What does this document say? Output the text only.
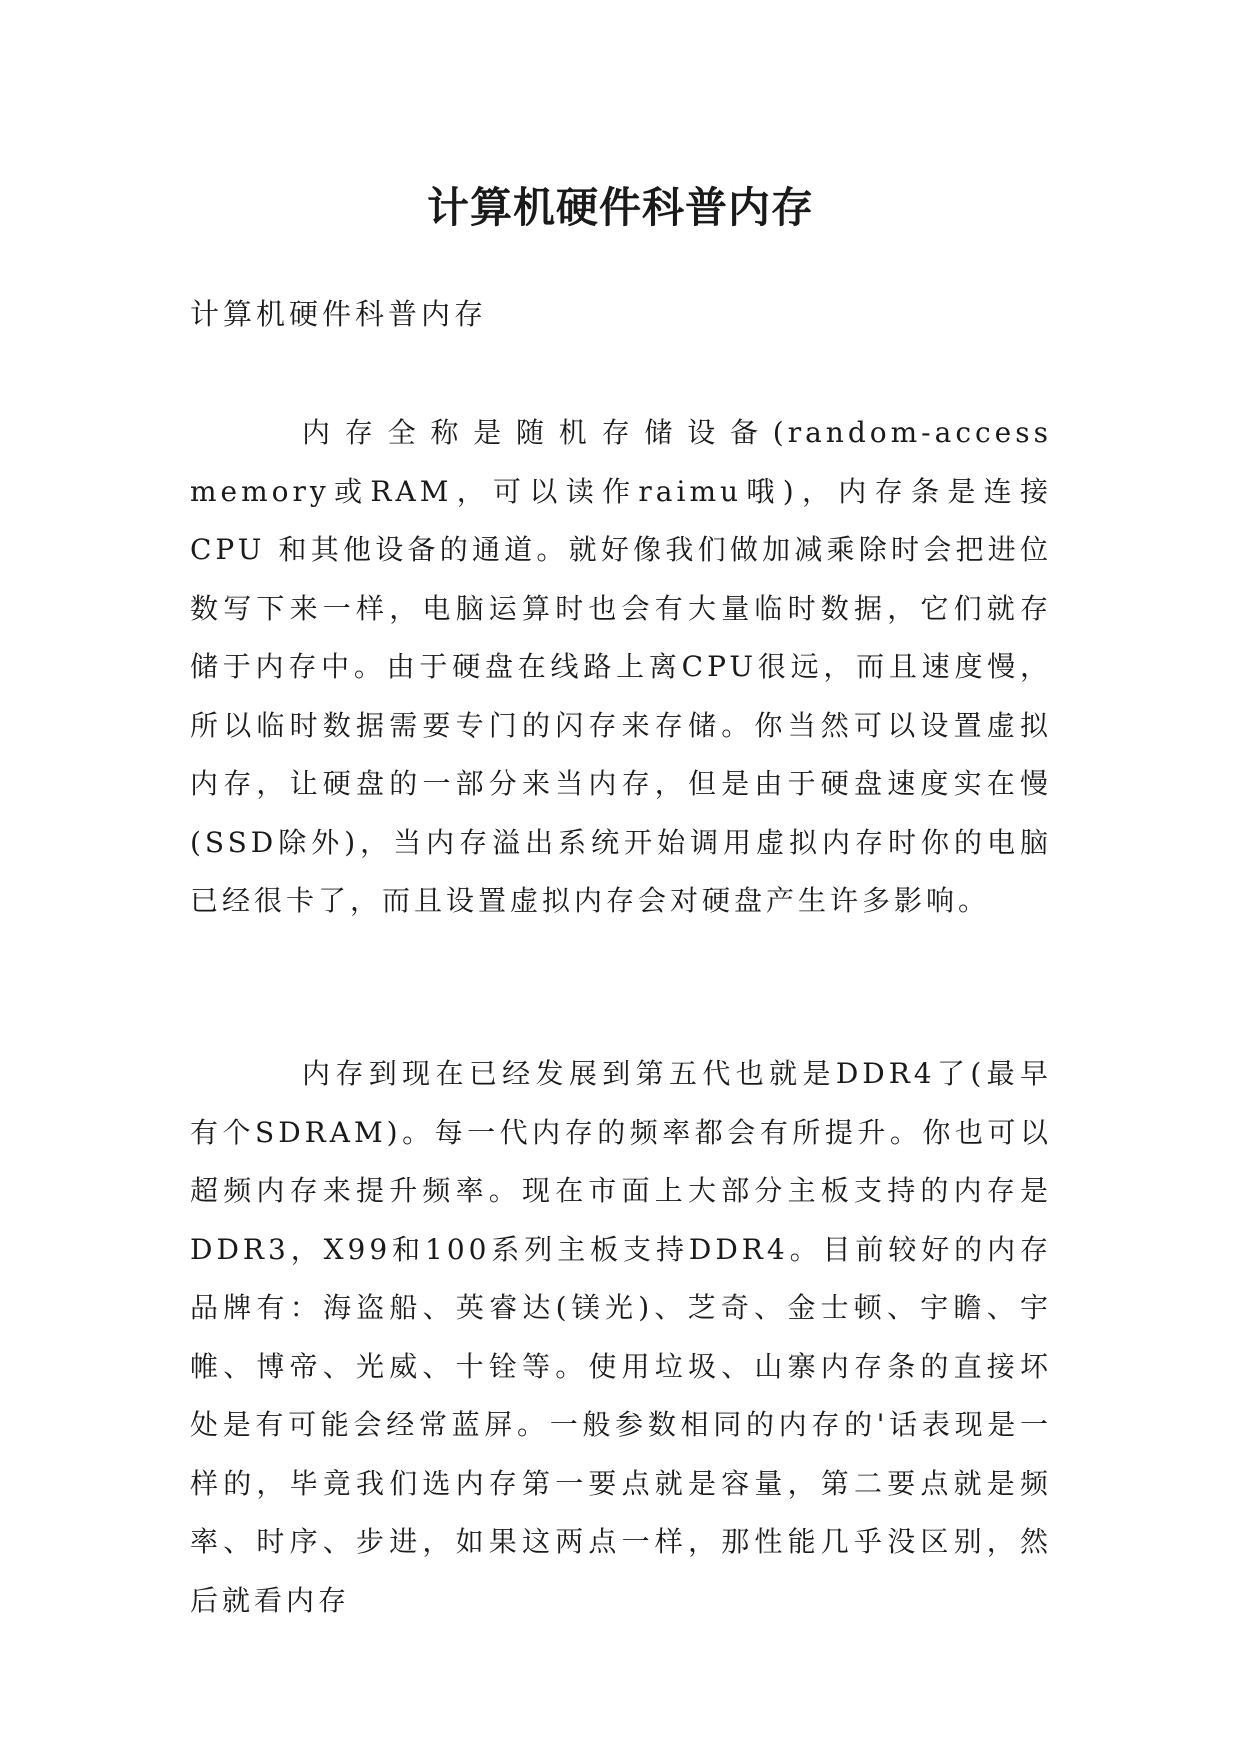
计算机硬件科普内存
计算机硬件科普内存

内存全称是随机存储设备(random-access memory或RAM，可以读作raimu哦)，内存条是连接CPU 和其他设备的通道。就好像我们做加减乘除时会把进位数写下来一样，电脑运算时也会有大量临时数据，它们就存储于内存中。由于硬盘在线路上离CPU很远，而且速度慢，所以临时数据需要专门的闪存来存储。你当然可以设置虚拟内存，让硬盘的一部分来当内存，但是由于硬盘速度实在慢(SSD除外)，当内存溢出系统开始调用虚拟内存时你的电脑已经很卡了，而且设置虚拟内存会对硬盘产生许多影响。

内存到现在已经发展到第五代也就是DDR4了(最早有个SDRAM)。每一代内存的频率都会有所提升。你也可以超频内存来提升频率。现在市面上大部分主板支持的内存是DDR3，X99和100系列主板支持DDR4。目前较好的内存品牌有：海盗船、英睿达(镁光)、芝奇、金士顿、宇瞻、宇帷、博帝、光威、十铨等。使用垃圾、山寨内存条的直接坏处是有可能会经常蓝屏。一般参数相同的内存的'话表现是一样的，毕竟我们选内存第一要点就是容量，第二要点就是频率、时序、步进，如果这两点一样，那性能几乎没区别，然后就看内存
